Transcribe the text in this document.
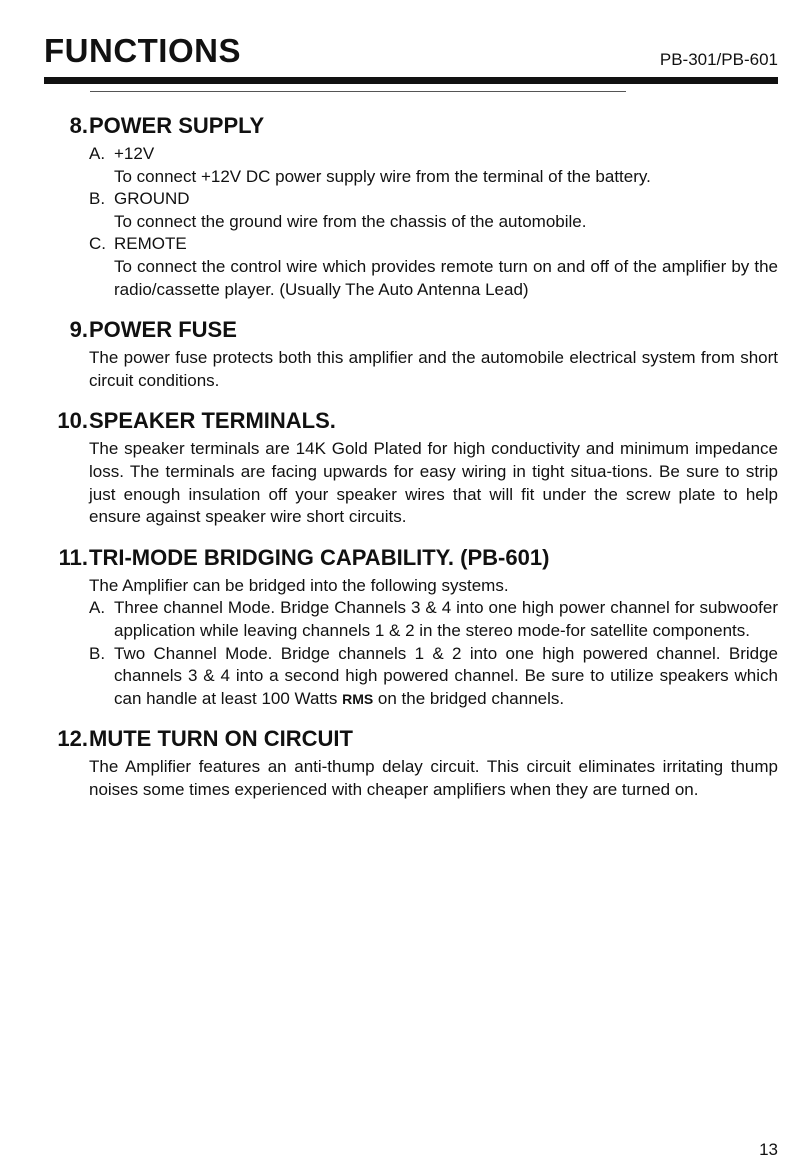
FUNCTIONS	PB-301/PB-601
8. POWER SUPPLY
A. +12V
To connect +12V DC power supply wire from the terminal of the battery.
B. GROUND
To connect the ground wire from the chassis of the automobile.
C. REMOTE
To connect the control wire which provides remote turn on and off of the amplifier by the radio/cassette player. (Usually The Auto Antenna Lead)
9. POWER FUSE

The power fuse protects both this amplifier and the automobile electrical system from short circuit conditions.

10. SPEAKER TERMINALS.

The speaker terminals are 14K Gold Plated for high conductivity and minimum impedance loss. The terminals are facing upwards for easy wiring in tight situa-tions. Be sure to strip just enough insulation off your speaker wires that will fit under the screw plate to help ensure against speaker wire short circuits.

11. TRI-MODE BRIDGING CAPABILITY. (PB-601)

The Amplifier can be bridged into the following systems.

A. Three channel Mode. Bridge Channels 3 & 4 into one high power channel for subwoofer application while leaving channels 1 & 2 in the stereo mode-for satellite components.
B. Two Channel Mode. Bridge channels 1 & 2 into one high powered channel. Bridge channels 3 & 4 into a second high powered channel. Be sure to utilize speakers which can handle at least 100 Watts RMS on the bridged channels.
12. MUTE TURN ON CIRCUIT

The Amplifier features an anti-thump delay circuit. This circuit eliminates irritating thump noises some times experienced with cheaper amplifiers when they are turned on.

13
